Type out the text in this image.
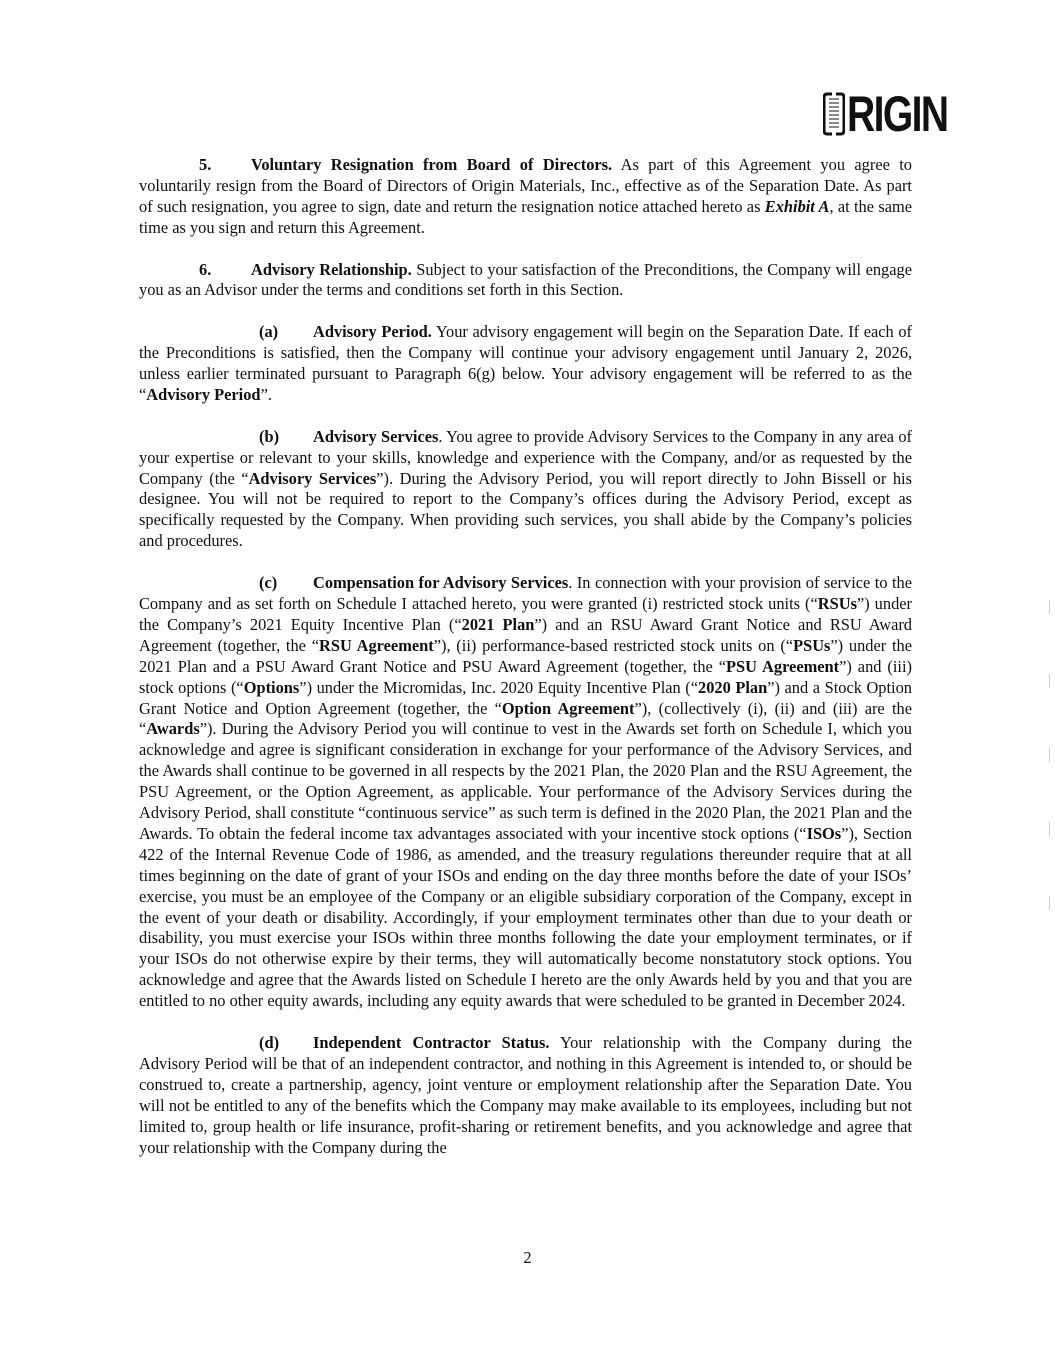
RIGIN

5. Voluntary Resignation from Board of Directors. As part of this Agreement you agree to voluntarily resign from the Board of Directors of Origin Materials, Inc., effective as of the Separation Date. As part of such resignation, you agree to sign, date and return the resignation notice attached hereto as Exhibit A, at the same time as you sign and return this Agreement.

6. Advisory Relationship. Subject to your satisfaction of the Preconditions, the Company will engage you as an Advisor under the terms and conditions set forth in this Section.

(a) Advisory Period. Your advisory engagement will begin on the Separation Date. If each of the Preconditions is satisfied, then the Company will continue your advisory engagement until January 2, 2026, unless earlier terminated pursuant to Paragraph 6(g) below. Your advisory engagement will be referred to as the “Advisory Period”.

(b) Advisory Services. You agree to provide Advisory Services to the Company in any area of your expertise or relevant to your skills, knowledge and experience with the Company, and/or as requested by the Company (the “Advisory Services”). During the Advisory Period, you will report directly to John Bissell or his designee. You will not be required to report to the Company’s offices during the Advisory Period, except as specifically requested by the Company. When providing such services, you shall abide by the Company’s policies and procedures.

(c) Compensation for Advisory Services. In connection with your provision of service to the Company and as set forth on Schedule I attached hereto, you were granted (i) restricted stock units (“RSUs”) under the Company’s 2021 Equity Incentive Plan (“2021 Plan”) and an RSU Award Grant Notice and RSU Award Agreement (together, the “RSU Agreement”), (ii) performance-based restricted stock units on (“PSUs”) under the 2021 Plan and a PSU Award Grant Notice and PSU Award Agreement (together, the “PSU Agreement”) and (iii) stock options (“Options”) under the Micromidas, Inc. 2020 Equity Incentive Plan (“2020 Plan”) and a Stock Option Grant Notice and Option Agreement (together, the “Option Agreement”), (collectively (i), (ii) and (iii) are the “Awards”). During the Advisory Period you will continue to vest in the Awards set forth on Schedule I, which you acknowledge and agree is significant consideration in exchange for your performance of the Advisory Services, and the Awards shall continue to be governed in all respects by the 2021 Plan, the 2020 Plan and the RSU Agreement, the PSU Agreement, or the Option Agreement, as applicable. Your performance of the Advisory Services during the Advisory Period, shall constitute “continuous service” as such term is defined in the 2020 Plan, the 2021 Plan and the Awards. To obtain the federal income tax advantages associated with your incentive stock options (“ISOs”), Section 422 of the Internal Revenue Code of 1986, as amended, and the treasury regulations thereunder require that at all times beginning on the date of grant of your ISOs and ending on the day three months before the date of your ISOs’ exercise, you must be an employee of the Company or an eligible subsidiary corporation of the Company, except in the event of your death or disability. Accordingly, if your employment terminates other than due to your death or disability, you must exercise your ISOs within three months following the date your employment terminates, or if your ISOs do not otherwise expire by their terms, they will automatically become nonstatutory stock options. You acknowledge and agree that the Awards listed on Schedule I hereto are the only Awards held by you and that you are entitled to no other equity awards, including any equity awards that were scheduled to be granted in December 2024.

(d) Independent Contractor Status. Your relationship with the Company during the Advisory Period will be that of an independent contractor, and nothing in this Agreement is intended to, or should be construed to, create a partnership, agency, joint venture or employment relationship after the Separation Date. You will not be entitled to any of the benefits which the Company may make available to its employees, including but not limited to, group health or life insurance, profit-sharing or retirement benefits, and you acknowledge and agree that your relationship with the Company during the

2
